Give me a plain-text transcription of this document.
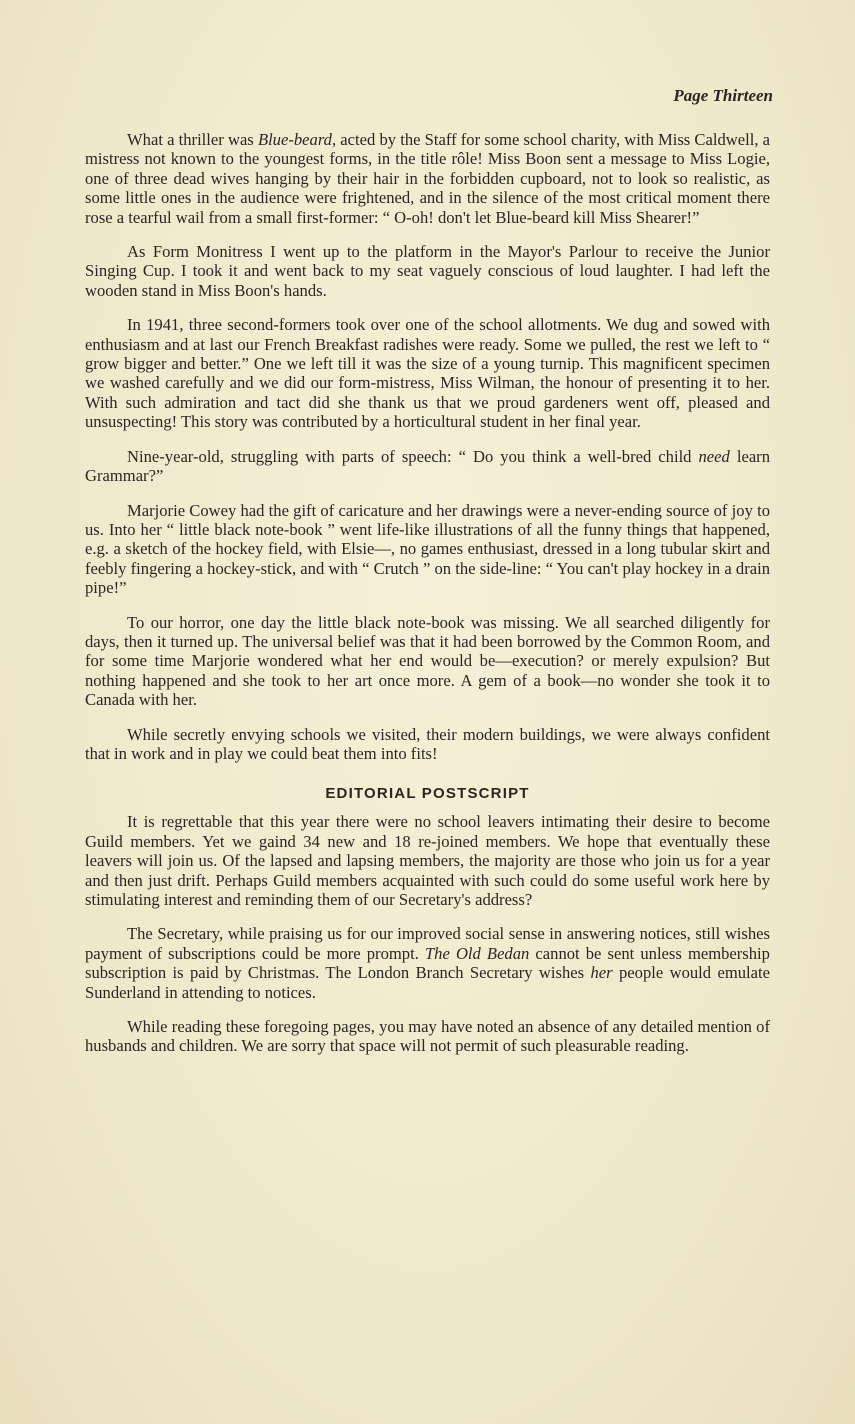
Page Thirteen

What a thriller was Blue-beard, acted by the Staff for some school charity, with Miss Caldwell, a mistress not known to the youngest forms, in the title rôle! Miss Boon sent a message to Miss Logie, one of three dead wives hanging by their hair in the forbidden cupboard, not to look so realistic, as some little ones in the audience were frightened, and in the silence of the most critical moment there rose a tearful wail from a small first-former: “ O-oh! don't let Blue-beard kill Miss Shearer!”

As Form Monitress I went up to the platform in the Mayor's Parlour to receive the Junior Singing Cup. I took it and went back to my seat vaguely conscious of loud laughter. I had left the wooden stand in Miss Boon's hands.

In 1941, three second-formers took over one of the school allotments. We dug and sowed with enthusiasm and at last our French Breakfast radishes were ready. Some we pulled, the rest we left to “ grow bigger and better.” One we left till it was the size of a young turnip. This magnificent specimen we washed carefully and we did our form-mistress, Miss Wilman, the honour of presenting it to her. With such admiration and tact did she thank us that we proud gardeners went off, pleased and unsuspecting! This story was contributed by a horticultural student in her final year.

Nine-year-old, struggling with parts of speech: “ Do you think a well-bred child need learn Grammar?”

Marjorie Cowey had the gift of caricature and her drawings were a never-ending source of joy to us. Into her “ little black note-book ” went life-like illustrations of all the funny things that happened, e.g. a sketch of the hockey field, with Elsie—, no games enthusiast, dressed in a long tubular skirt and feebly fingering a hockey-stick, and with “ Crutch ” on the side-line: “ You can't play hockey in a drain pipe!”

To our horror, one day the little black note-book was missing. We all searched diligently for days, then it turned up. The universal belief was that it had been borrowed by the Common Room, and for some time Marjorie wondered what her end would be—execution? or merely expulsion? But nothing happened and she took to her art once more. A gem of a book—no wonder she took it to Canada with her.

While secretly envying schools we visited, their modern buildings, we were always confident that in work and in play we could beat them into fits!

EDITORIAL POSTSCRIPT

It is regrettable that this year there were no school leavers intimating their desire to become Guild members. Yet we gaind 34 new and 18 re-joined members. We hope that eventually these leavers will join us. Of the lapsed and lapsing members, the majority are those who join us for a year and then just drift. Perhaps Guild members acquainted with such could do some useful work here by stimulating interest and reminding them of our Secretary's address?

The Secretary, while praising us for our improved social sense in answering notices, still wishes payment of subscriptions could be more prompt. The Old Bedan cannot be sent unless membership subscription is paid by Christmas. The London Branch Secretary wishes her people would emulate Sunderland in attending to notices.

While reading these foregoing pages, you may have noted an absence of any detailed mention of husbands and children. We are sorry that space will not permit of such pleasurable reading.
